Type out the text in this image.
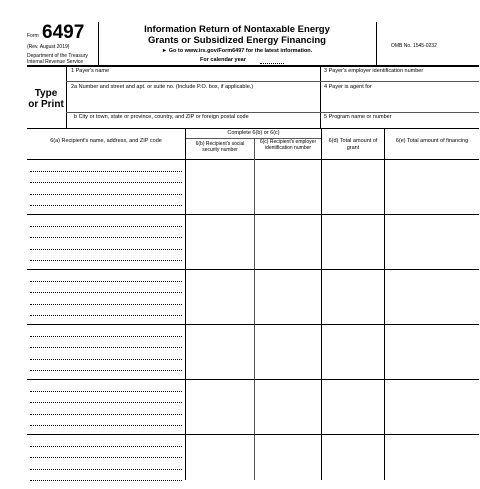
Form 6497
(Rev. August 2019)
Department of the Treasury
Internal Revenue Service
Information Return of Nontaxable Energy
Grants or Subsidized Energy Financing
► Go to www.irs.gov/Form6497 for the latest information.
For calendar year
OMB No. 1545-0232
Type
or Print
1 Payer's name
2a Number and street and apt. or suite no. (Include P.O. box, if applicable.)
b City or town, state or province, country, and ZIP or foreign postal code
3 Payer's employer identification number
4 Payer is agent for
5 Program name or number
6(a) Recipient's name, address, and ZIP code
Complete 6(b) or 6(c)
6(b) Recipient's social security number
6(c) Recipient's employer identification number
6(d) Total amount of grant
6(e) Total amount of financing
